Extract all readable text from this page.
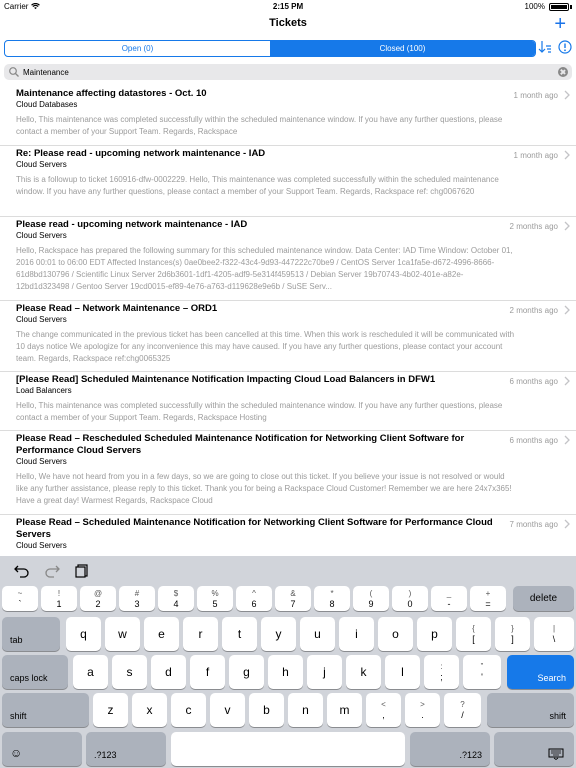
Carrier	2:15 PM	100%
Tickets	+
Open (0)	Closed (100)
Maintenance
Maintenance affecting datastores - Oct. 10
Cloud Databases
Hello, This maintenance was completed successfully within the scheduled maintenance window. If you have any further questions, please contact a member of your Support Team. Regards, Rackspace
1 month ago
Re: Please read - upcoming network maintenance - IAD
Cloud Servers
This is a followup to ticket 160916-dfw-0002229. Hello, This maintenance was completed successfully within the scheduled maintenance window. If you have any further questions, please contact a member of your Support Team. Regards, Rackspace ref: chg0067620
1 month ago
Please read - upcoming network maintenance - IAD
Cloud Servers
Hello, Rackspace has prepared the following summary for this scheduled maintenance window. Data Center: IAD Time Window: October 01, 2016 00:01 to 06:00 EDT Affected Instances(s) 0ae0bee2-f322-43c4-9d93-447222c70be9 / CentOS Server 1ca1fa5e-d672-4996-8666-61d8bd130796 / Scientific Linux Server 2d6b3601-1df1-4205-adf9-5e314f459513 / Debian Server 19b70743-4b02-401e-a82e-12bd1d323498 / Gentoo Server 19cd0015-ef89-4e76-a763-d119628e9e6b / SuSE Serv...
2 months ago
Please Read – Network Maintenance – ORD1
Cloud Servers
The change communicated in the previous ticket has been cancelled at this time. When this work is rescheduled it will be communicated with 10 days notice We apologize for any inconvenience this may have caused. If you have any further questions, please contact your account team. Regards, Rackspace ref:chg0065325
2 months ago
[Please Read] Scheduled Maintenance Notification Impacting Cloud Load Balancers in DFW1
Load Balancers
Hello, This maintenance was completed successfully within the scheduled maintenance window. If you have any further questions, please contact a member of your Support Team. Regards, Rackspace Hosting
6 months ago
Please Read – Rescheduled Scheduled Maintenance Notification for Networking Client Software for Performance Cloud Servers
Cloud Servers
Hello, We have not heard from you in a few days, so we are going to close out this ticket. If you believe your issue is not resolved or would like any further assistance, please reply to this ticket. Thank you for being a Rackspace Cloud Customer! Remember we are here 24x7x365! Have a great day! Warmest Regards, Rackspace Cloud
6 months ago
Please Read – Scheduled Maintenance Notification for Networking Client Software for Performance Cloud Servers
Cloud Servers
7 months ago
~
`
!
1
@
2
#
3
$
4
%
5
^
6
&
7
*
8
(
9
)
0
_
-
+
=	delete
tab	q	w	e	r	t	y	u	i	o	p	{
[
}
]
|
\
caps lock	a	s	d	f	g	h	j	k	l	:
;
”
'	Search
shift	z	x	c	v	b	n	m	<
,
>
.
?
/	shift
☺	.?123	.?123
